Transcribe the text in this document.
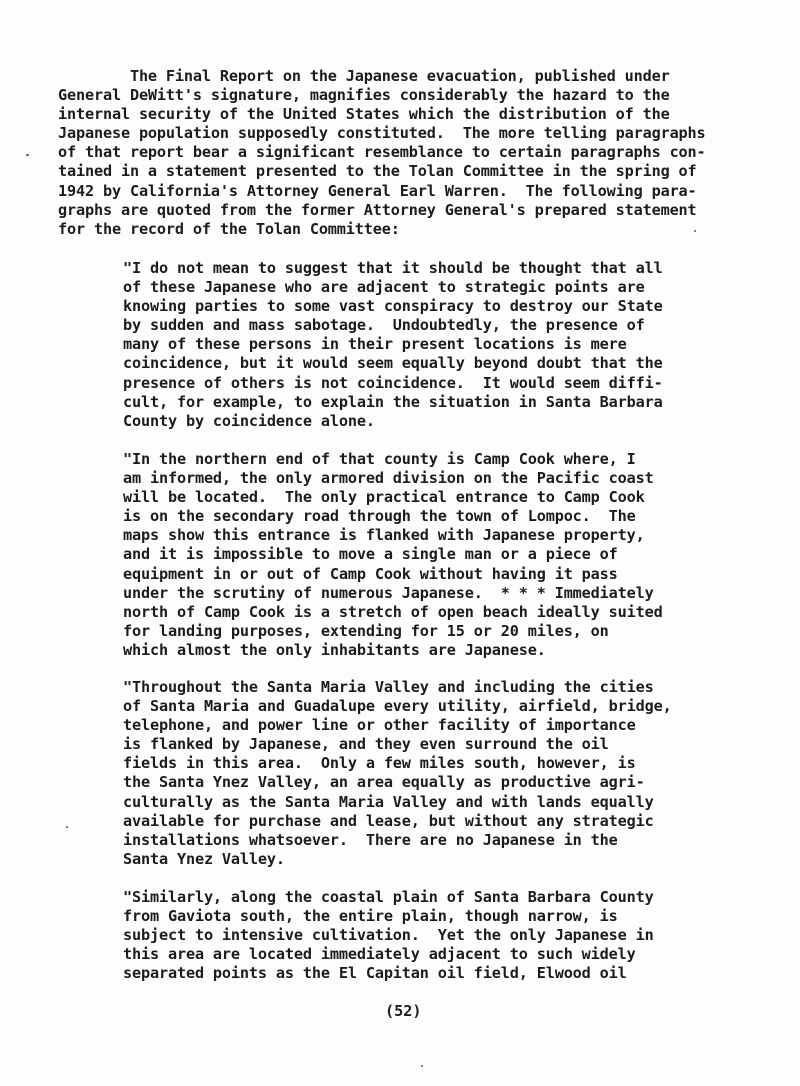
The Final Report on the Japanese evacuation, published under
General DeWitt's signature, magnifies considerably the hazard to the
internal security of the United States which the distribution of the
Japanese population supposedly constituted.  The more telling paragraphs
of that report bear a significant resemblance to certain paragraphs con-
tained in a statement presented to the Tolan Committee in the spring of
1942 by California's Attorney General Earl Warren.  The following para-
graphs are quoted from the former Attorney General's prepared statement
for the record of the Tolan Committee:
"I do not mean to suggest that it should be thought that all
of these Japanese who are adjacent to strategic points are
knowing parties to some vast conspiracy to destroy our State
by sudden and mass sabotage.  Undoubtedly, the presence of
many of these persons in their present locations is mere
coincidence, but it would seem equally beyond doubt that the
presence of others is not coincidence.  It would seem diffi-
cult, for example, to explain the situation in Santa Barbara
County by coincidence alone.
"In the northern end of that county is Camp Cook where, I
am informed, the only armored division on the Pacific coast
will be located.  The only practical entrance to Camp Cook
is on the secondary road through the town of Lompoc.  The
maps show this entrance is flanked with Japanese property,
and it is impossible to move a single man or a piece of
equipment in or out of Camp Cook without having it pass
under the scrutiny of numerous Japanese.  * * * Immediately
north of Camp Cook is a stretch of open beach ideally suited
for landing purposes, extending for 15 or 20 miles, on
which almost the only inhabitants are Japanese.
"Throughout the Santa Maria Valley and including the cities
of Santa Maria and Guadalupe every utility, airfield, bridge,
telephone, and power line or other facility of importance
is flanked by Japanese, and they even surround the oil
fields in this area.  Only a few miles south, however, is
the Santa Ynez Valley, an area equally as productive agri-
culturally as the Santa Maria Valley and with lands equally
available for purchase and lease, but without any strategic
installations whatsoever.  There are no Japanese in the
Santa Ynez Valley.
"Similarly, along the coastal plain of Santa Barbara County
from Gaviota south, the entire plain, though narrow, is
subject to intensive cultivation.  Yet the only Japanese in
this area are located immediately adjacent to such widely
separated points as the El Capitan oil field, Elwood oil
(52)
